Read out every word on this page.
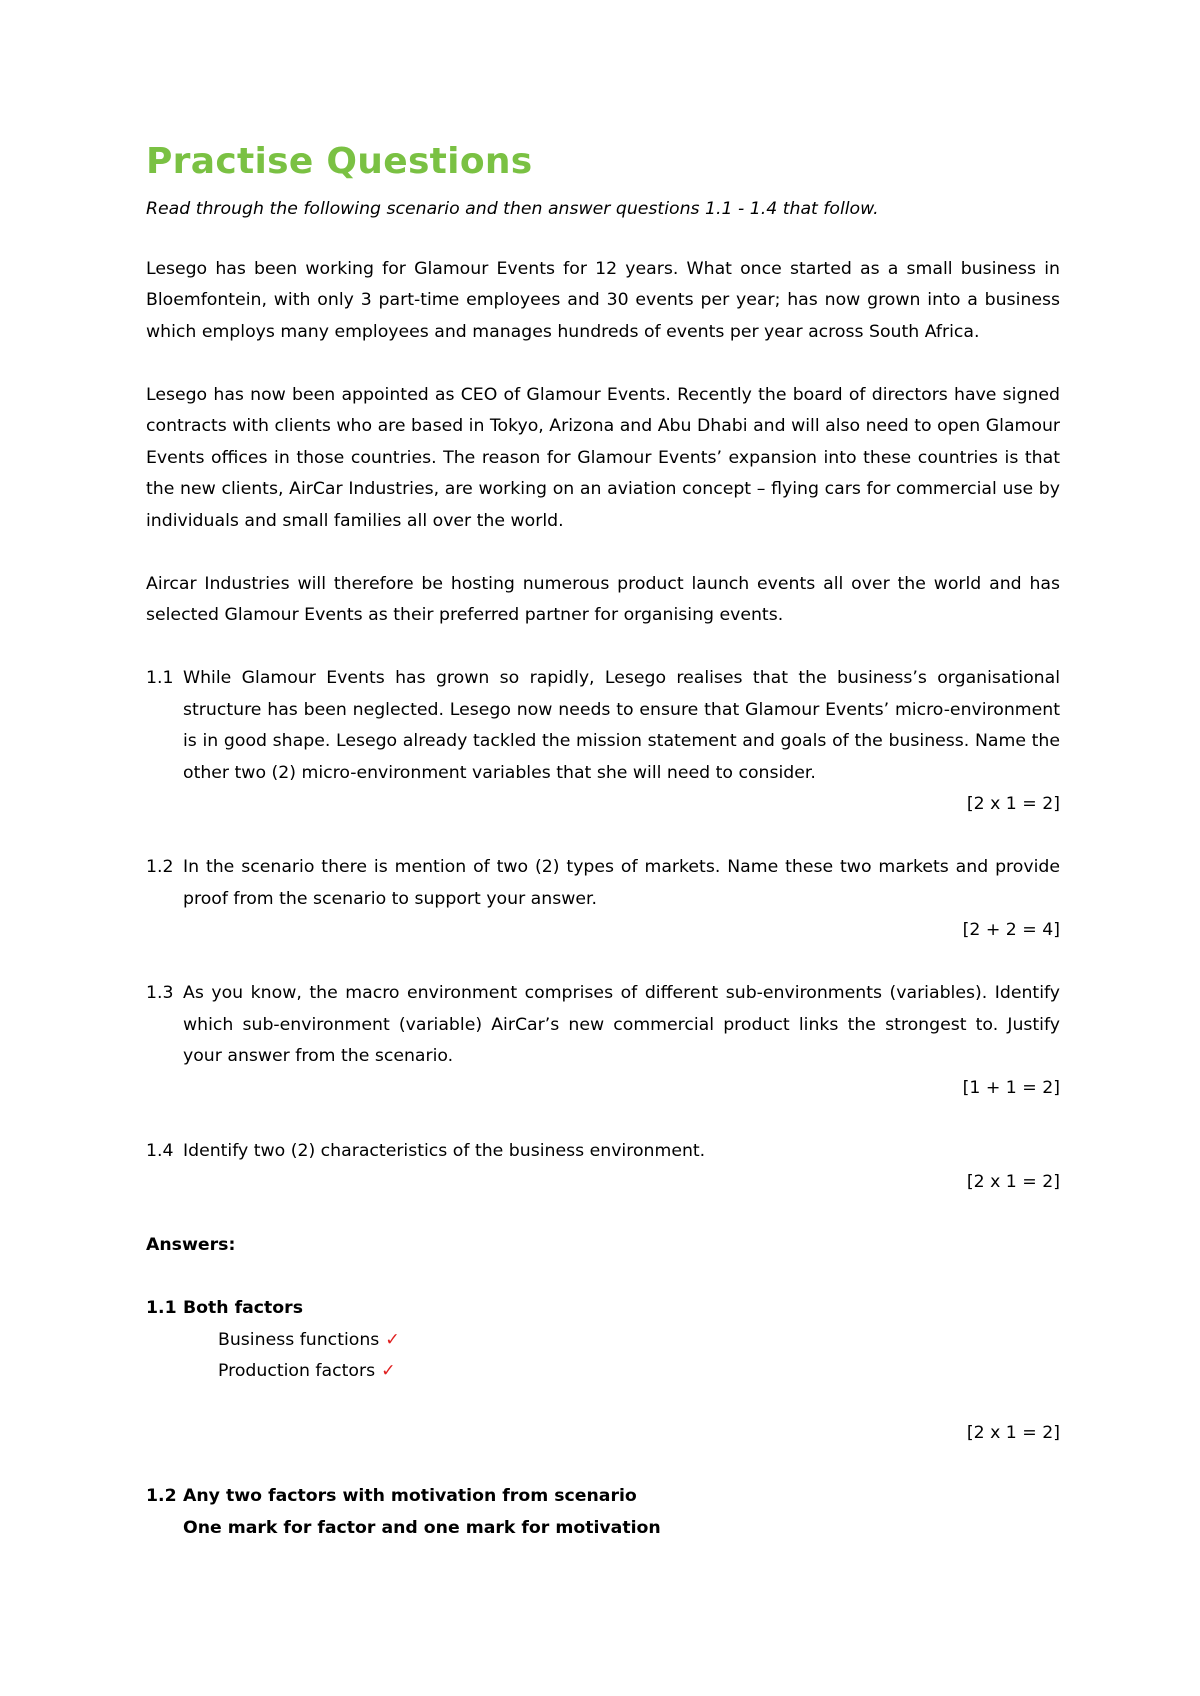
Practise Questions
Read through the following scenario and then answer questions 1.1 - 1.4 that follow.

Lesego has been working for Glamour Events for 12 years. What once started as a small business in Bloemfontein, with only 3 part-time employees and 30 events per year; has now grown into a business which employs many employees and manages hundreds of events per year across South Africa.

Lesego has now been appointed as CEO of Glamour Events. Recently the board of directors have signed contracts with clients who are based in Tokyo, Arizona and Abu Dhabi and will also need to open Glamour Events offices in those countries. The reason for Glamour Events’ expansion into these countries is that the new clients, AirCar Industries, are working on an aviation concept – flying cars for commercial use by individuals and small families all over the world.

Aircar Industries will therefore be hosting numerous product launch events all over the world and has selected Glamour Events as their preferred partner for organising events.

1.1 While Glamour Events has grown so rapidly, Lesego realises that the business’s organisational structure has been neglected. Lesego now needs to ensure that Glamour Events’ micro-environment is in good shape. Lesego already tackled the mission statement and goals of the business. Name the other two (2) micro-environment variables that she will need to consider.
[2 x 1 = 2]
1.2 In the scenario there is mention of two (2) types of markets. Name these two markets and provide proof from the scenario to support your answer.
[2 + 2 = 4]
1.3 As you know, the macro environment comprises of different sub-environments (variables). Identify which sub-environment (variable) AirCar’s new commercial product links the strongest to. Justify your answer from the scenario.
[1 + 1 = 2]
1.4 Identify two (2) characteristics of the business environment.
[2 x 1 = 2]
Answers:
1.1 Both factors
Business functions ✓
Production factors ✓
[2 x 1 = 2]
1.2 Any two factors with motivation from scenario
One mark for factor and one mark for motivation
